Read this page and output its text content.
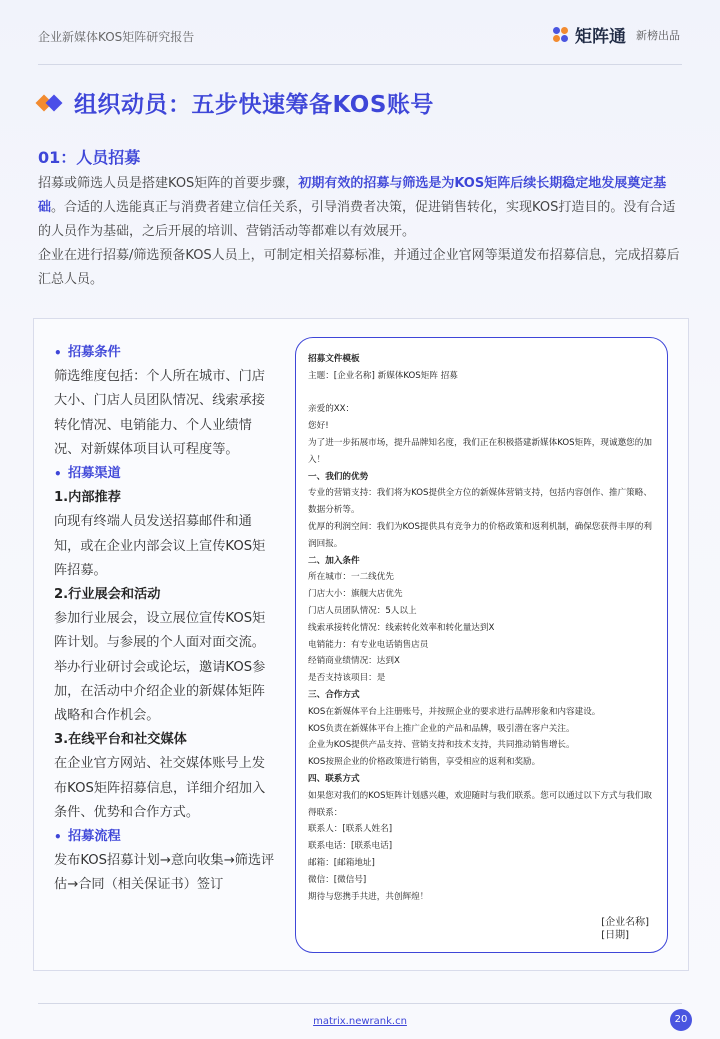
企业新媒体KOS矩阵研究报告	矩阵通 新榜出品
组织动员：五步快速筹备KOS账号
01：人员招募

招募或筛选人员是搭建KOS矩阵的首要步骤，初期有效的招募与筛选是为KOS矩阵后续长期稳定地发展奠定基础。合适的人选能真正与消费者建立信任关系，引导消费者决策，促进销售转化，实现KOS打造目的。没有合适的人员作为基础，之后开展的培训、营销活动等都难以有效展开。

企业在进行招募/筛选预备KOS人员上，可制定相关招募标准，并通过企业官网等渠道发布招募信息，完成招募后汇总人员。

• 招募条件
筛选维度包括：个人所在城市、门店大小、门店人员团队情况、线索承接转化情况、电销能力、个人业绩情况、对新媒体项目认可程度等。
• 招募渠道
1.内部推荐
向现有终端人员发送招募邮件和通知，或在企业内部会议上宣传KOS矩阵招募。
2.行业展会和活动
参加行业展会，设立展位宣传KOS矩阵计划。与参展的个人面对面交流。
举办行业研讨会或论坛，邀请KOS参加，在活动中介绍企业的新媒体矩阵战略和合作机会。
3.在线平台和社交媒体
在企业官方网站、社交媒体账号上发布KOS矩阵招募信息，详细介绍加入条件、优势和合作方式。
• 招募流程
发布KOS招募计划→意向收集→筛选评估→合同（相关保证书）签订
招募文件模板
主题：[企业名称] 新媒体KOS矩阵 招募

亲爱的XX：
您好!
为了进一步拓展市场，提升品牌知名度，我们正在积极搭建新媒体KOS矩阵，现诚邀您的加入！
一、我们的优势
专业的营销支持：我们将为KOS提供全方位的新媒体营销支持，包括内容创作、推广策略、数据分析等。
优厚的利润空间：我们为KOS提供具有竞争力的价格政策和返利机制，确保您获得丰厚的利润回报。
二、加入条件
所在城市：一二线优先
门店大小：旗舰大店优先
门店人员团队情况：5人以上
线索承接转化情况：线索转化效率和转化量达到X
电销能力：有专业电话销售店员
经销商业绩情况：达到X
是否支持该项目：是
三、合作方式
KOS在新媒体平台上注册账号，并按照企业的要求进行品牌形象和内容建设。
KOS负责在新媒体平台上推广企业的产品和品牌，吸引潜在客户关注。
企业为KOS提供产品支持、营销支持和技术支持，共同推动销售增长。
KOS按照企业的价格政策进行销售，享受相应的返利和奖励。
四、联系方式
如果您对我们的KOS矩阵计划感兴趣，欢迎随时与我们联系。您可以通过以下方式与我们取得联系：
联系人：[联系人姓名]
联系电话：[联系电话]
邮箱：[邮箱地址]
微信：[微信号]
期待与您携手共进，共创辉煌！
[企业名称]
[日期]
matrix.newrank.cn	20
